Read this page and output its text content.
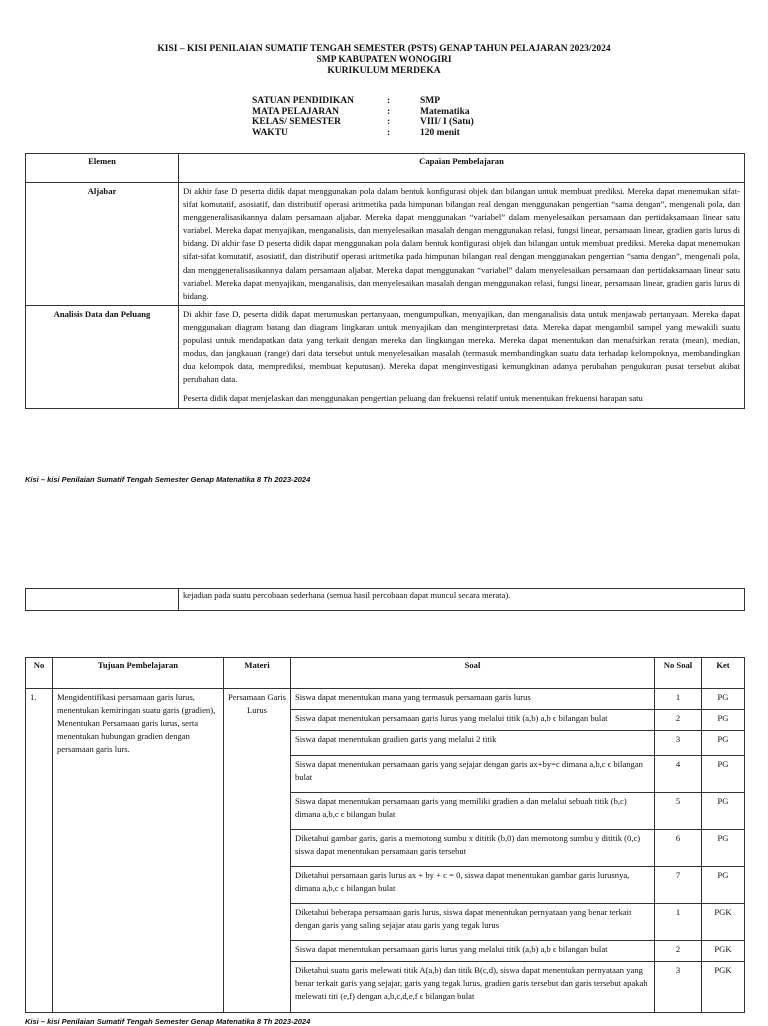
KISI – KISI PENILAIAN SUMATIF TENGAH SEMESTER (PSTS) GENAP TAHUN PELAJARAN 2023/2024
SMP KABUPATEN WONOGIRI
KURIKULUM MERDEKA
SATUAN PENDIDIKAN	:	SMP
MATA PELAJARAN	:	Matematika
KELAS/ SEMESTER	:	VIII/ I (Satu)
WAKTU	:	120 menit
Elemen	Capaian Pembelajaran
Aljabar	Di akhir fase D peserta didik dapat menggunakan pola dalam bentuk konfigurasi objek dan bilangan untuk membuat prediksi. Mereka dapat menemukan sifat-sifat komutatif, asosiatif, dan distributif operasi aritmetika pada himpunan bilangan real dengan menggunakan pengertian “sama dengan”, mengenali pola, dan menggeneralisasikannya dalam persamaan aljabar. Mereka dapat menggunakan “variabel” dalam menyelesaikan persamaan dan pertidaksamaan linear satu variabel. Mereka dapat menyajikan, menganalisis, dan menyelesaikan masalah dengan menggunakan relasi, fungsi linear, persamaan linear, gradien garis lurus di bidang. Di akhir fase D peserta didik dapat menggunakan pola dalam bentuk konfigurasi objek dan bilangan untuk membuat prediksi. Mereka dapat menemukan sifat-sifat komutatif, asosiatif, dan distributif operasi aritmetika pada himpunan bilangan real dengan menggunakan pengertian “sama dengan”, mengenali pola, dan menggeneralisasikannya dalam persamaan aljabar. Mereka dapat menggunakan “variabel” dalam menyelesaikan persamaan dan pertidaksamaan linear satu variabel. Mereka dapat menyajikan, menganalisis, dan menyelesaikan masalah dengan menggunakan relasi, fungsi linear, persamaan linear, gradien garis lurus di bidang.

Analisis Data dan Peluang	Di akhir fase D, peserta didik dapat merumuskan pertanyaan, mengumpulkan, menyajikan, dan menganalisis data untuk menjawab pertanyaan. Mereka dapat menggunakan diagram batang dan diagram lingkaran untuk menyajikan dan menginterpretasi data. Mereka dapat mengambil sampel yang mewakili suatu populasi untuk mendapatkan data yang terkait dengan mereka dan lingkungan mereka. Mereka dapat menentukan dan menafsirkan rerata (mean), median, modus, dan jangkauan (range) dari data tersebut untuk menyelesaikan masalah (termasuk membandingkan suatu data terhadap kelompoknya, membandingkan dua kelompok data, memprediksi, membuat keputusan). Mereka dapat menginvestigasi kemungkinan adanya perubahan pengukuran pusat tersebut akibat perubahan data.

Peserta didik dapat menjelaskan dan menggunakan pengertian peluang dan frekuensi relatif untuk menentukan frekuensi harapan satu

Kisi – kisi Penilaian Sumatif Tengah Semester Genap Matenatika 8 Th 2023-2024
	kejadian pada suatu percobaan sederhana (semua hasil percobaan dapat muncul secara merata).
No	Tujuan Pembelajaran	Materi	Soal	No Soal	Ket
1.	Mengidentifikasi persamaan garis lurus, menentukan kemiringan suatu garis (gradien), Menentukan Persamaan garis lurus, serta menentukan hubungan gradien dengan persamaan garis lurs.	Persamaan Garis Lurus	Siswa dapat menentukan mana yang termasuk persamaan garis lurus	1	PG
			Siswa dapat menentukan persamaan garis lurus yang melalui titik (a,b) a,b ϵ bilangan bulat	2	PG
			Siswa dapat menentukan gradien garis yang melalui 2 titik	3	PG
			Siswa dapat menentukan persamaan garis yang sejajar dengan garis ax+by=c dimana a,b,c ϵ bilangan bulat	4	PG
			Siswa dapat menentukan persamaan garis yang memiliki gradien a dan melalui sebuah titik (b,c) dimana a,b,c ϵ bilangan bulat	5	PG
			Diketahui gambar garis, garis a memotong sumbu x dititik (b,0) dan memotong sumbu y dititik (0,c) siswa dapat menentukan persamaan garis tersebut	6	PG
			Diketahui persamaan garis lurus ax + by + c = 0, siswa dapat menentukan gambar garis lurusnya, dimana a,b,c ϵ bilangan bulat	7	PG
			Diketahui beberapa persamaan garis lurus, siswa dapat menentukan pernyataan yang benar terkait dengan garis yang saling sejajar atau garis yang tegak lurus	1	PGK
			Siswa dapat menentukan persamaan garis lurus yang melalui titik (a,b) a,b ϵ bilangan bulat	2	PGK
			Diketahui suatu garis melewati titik A(a,b) dan titik B(c,d), siswa dapat menentukan pernyataan yang benar terkait garis yang sejajar, garis yang tegak lurus, gradien garis tersebut dan garis tersebut apakah melewati titi (e,f) dengan a,b,c,d,e,f ϵ bilangan bulat	3	PGK
Kisi – kisi Penilaian Sumatif Tengah Semester Genap Matenatika 8 Th 2023-2024
